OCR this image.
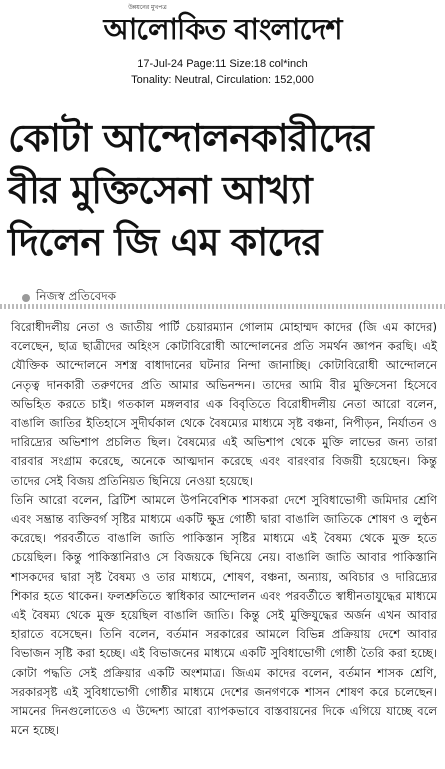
উন্নয়নের মুখপত্র
আলোকিত বাংলাদেশ
17-Jul-24 Page:11 Size:18 col*inch
Tonality: Neutral, Circulation: 152,000
কোটা আন্দোলনকারীদের
বীর মুক্তিসেনা আখ্যা
দিলেন জি এম কাদের
নিজস্ব প্রতিবেদক
বিরোধীদলীয় নেতা ও জাতীয় পার্টি চেয়ারম্যান গোলাম মোহাম্মদ কাদের (জি এম কাদের) বলেছেন, ছাত্র ছাত্রীদের অহিংস কোটাবিরোধী আন্দোলনের প্রতি সমর্থন জ্ঞাপন করছি। এই যৌক্তিক আন্দোলনে সশস্ত্র বাধাদানের ঘটনার নিন্দা জানাচ্ছি। কোটাবিরোধী আন্দোলনে নেতৃত্ব দানকারী তরুণদের প্রতি আমার অভিনন্দন। তাদের আমি বীর মুক্তিসেনা হিসেবে অভিহিত করতে চাই। গতকাল মঙ্গলবার এক বিবৃতিতে বিরোধীদলীয় নেতা আরো বলেন, বাঙালি জাতির ইতিহাসে সুদীর্ঘকাল থেকে বৈষম্যের মাধ্যমে সৃষ্ট বঞ্চনা, নিপীড়ন, নির্যাতন ও দারিদ্র্যের অভিশাপ প্রচলিত ছিল। বৈষম্যের এই অভিশাপ থেকে মুক্তি লাভের জন্য তারা বারবার সংগ্রাম করেছে, অনেকে আত্মদান করেছে এবং বারংবার বিজয়ী হয়েছেন। কিন্তু তাদের সেই বিজয় প্রতিনিয়ত ছিনিয়ে নেওয়া হয়েছে।
তিনি আরো বলেন, ব্রিটিশ আমলে উপনিবেশিক শাসকরা দেশে সুবিধাভোগী জমিদার শ্রেণি এবং সম্ভ্রান্ত ব্যক্তিবর্গ সৃষ্টির মাধ্যমে একটি ক্ষুদ্র গোষ্ঠী দ্বারা বাঙালি জাতিকে শোষণ ও লুণ্ঠন করেছে। পরবর্তীতে বাঙালি জাতি পাকিস্তান সৃষ্টির মাধ্যমে এই বৈষম্য থেকে মুক্ত হতে চেয়েছিল। কিন্তু পাকিস্তানিরাও সে বিজয়কে ছিনিয়ে নেয়। বাঙালি জাতি আবার পাকিস্তানি শাসকদের দ্বারা সৃষ্ট বৈষম্য ও তার মাধ্যমে, শোষণ, বঞ্চনা, অন্যায়, অবিচার ও দারিদ্র্যের শিকার হতে থাকেন। ফলশ্রুতিতে স্বাধিকার আন্দোলন এবং পরবর্তীতে স্বাধীনতাযুদ্ধের মাধ্যমে এই বৈষম্য থেকে মুক্ত হয়েছিল বাঙালি জাতি। কিন্তু সেই মুক্তিযুদ্ধের অর্জন এখন আবার হারাতে বসেছেন। তিনি বলেন, বর্তমান সরকারের আমলে বিভিন্ন প্রক্রিয়ায় দেশে আবার বিভাজন সৃষ্টি করা হচ্ছে। এই বিভাজনের মাধ্যমে একটি সুবিধাভোগী গোষ্ঠী তৈরি করা হচ্ছে। কোটা পদ্ধতি সেই প্রক্রিয়ার একটি অংশমাত্র। জিএম কাদের বলেন, বর্তমান শাসক শ্রেণি, সরকারসৃষ্ট এই সুবিধাভোগী গোষ্ঠীর মাধ্যমে দেশের জনগণকে শাসন শোষণ করে চলেছেন। সামনের দিনগুলোতেও এ উদ্দেশ্য আরো ব্যাপকভাবে বাস্তবায়নের দিকে এগিয়ে যাচ্ছে বলে মনে হচ্ছে।
